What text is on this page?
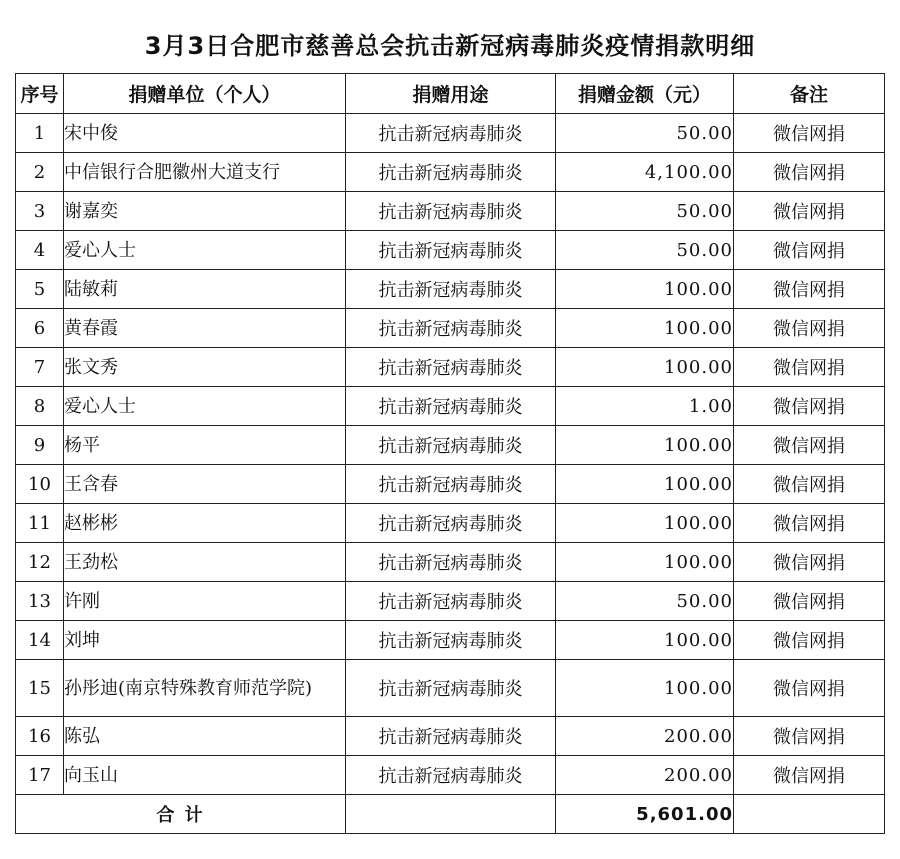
3月3日合肥市慈善总会抗击新冠病毒肺炎疫情捐款明细
序号	捐赠单位（个人）	捐赠用途	捐赠金额（元）	备注
1	宋中俊	抗击新冠病毒肺炎	50.00	微信网捐
2	中信银行合肥徽州大道支行	抗击新冠病毒肺炎	4,100.00	微信网捐
3	谢嘉奕	抗击新冠病毒肺炎	50.00	微信网捐
4	爱心人士	抗击新冠病毒肺炎	50.00	微信网捐
5	陆敏莉	抗击新冠病毒肺炎	100.00	微信网捐
6	黄春霞	抗击新冠病毒肺炎	100.00	微信网捐
7	张文秀	抗击新冠病毒肺炎	100.00	微信网捐
8	爱心人士	抗击新冠病毒肺炎	1.00	微信网捐
9	杨平	抗击新冠病毒肺炎	100.00	微信网捐
10	王含春	抗击新冠病毒肺炎	100.00	微信网捐
11	赵彬彬	抗击新冠病毒肺炎	100.00	微信网捐
12	王劲松	抗击新冠病毒肺炎	100.00	微信网捐
13	许刚	抗击新冠病毒肺炎	50.00	微信网捐
14	刘坤	抗击新冠病毒肺炎	100.00	微信网捐
15	孙彤迪(南京特殊教育师范学院)	抗击新冠病毒肺炎	100.00	微信网捐
16	陈弘	抗击新冠病毒肺炎	200.00	微信网捐
17	向玉山	抗击新冠病毒肺炎	200.00	微信网捐
合 计			5,601.00	
